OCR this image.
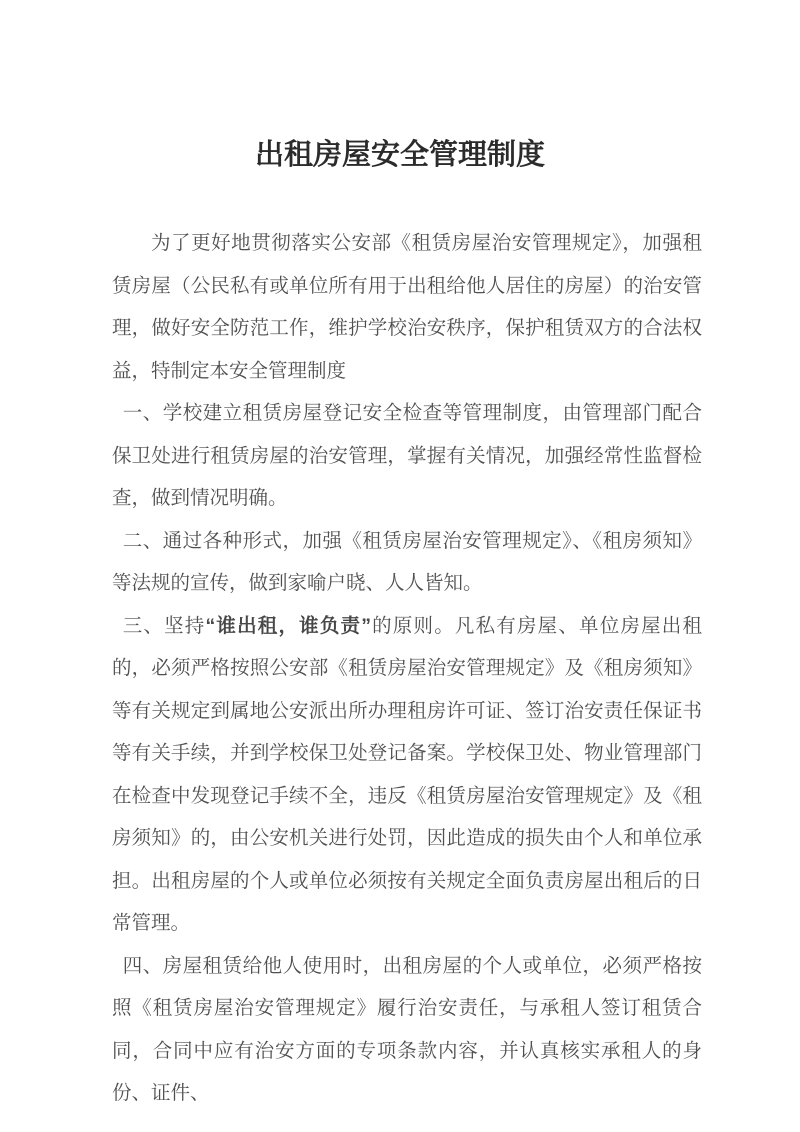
出租房屋安全管理制度

为了更好地贯彻落实公安部《租赁房屋治安管理规定》，加强租赁房屋（公民私有或单位所有用于出租给他人居住的房屋）的治安管理，做好安全防范工作，维护学校治安秩序，保护租赁双方的合法权益，特制定本安全管理制度

一、学校建立租赁房屋登记安全检查等管理制度，由管理部门配合保卫处进行租赁房屋的治安管理，掌握有关情况，加强经常性监督检查，做到情况明确。

二、通过各种形式，加强《租赁房屋治安管理规定》、《租房须知》等法规的宣传，做到家喻户晓、人人皆知。

三、坚持“谁出租，谁负责”的原则。凡私有房屋、单位房屋出租的，必须严格按照公安部《租赁房屋治安管理规定》及《租房须知》等有关规定到属地公安派出所办理租房许可证、签订治安责任保证书等有关手续，并到学校保卫处登记备案。学校保卫处、物业管理部门在检查中发现登记手续不全，违反《租赁房屋治安管理规定》及《租房须知》的，由公安机关进行处罚，因此造成的损失由个人和单位承担。出租房屋的个人或单位必须按有关规定全面负责房屋出租后的日常管理。

四、房屋租赁给他人使用时，出租房屋的个人或单位，必须严格按照《租赁房屋治安管理规定》履行治安责任，与承租人签订租赁合同，合同中应有治安方面的专项条款内容，并认真核实承租人的身份、证件、
